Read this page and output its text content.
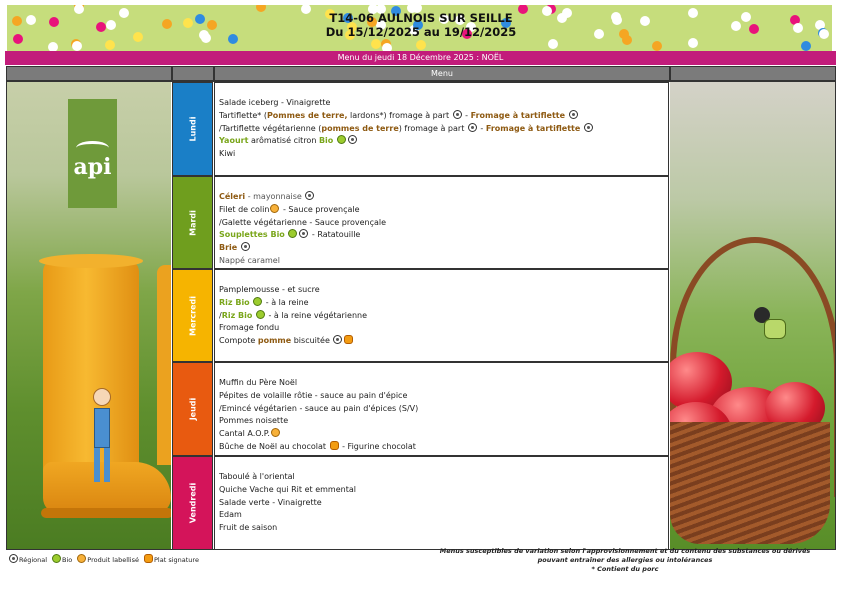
T14-06 AULNOIS SUR SEILLE
Du 15/12/2025 au 19/12/2025
Menu du jeudi 18 Décembre 2025 : NOËL
Menu
api
Lundi
Salade iceberg - Vinaigrette
Tartiflette* (Pommes de terre, lardons*) fromage à part  - Fromage à tartiflette
/Tartiflette végétarienne (pommes de terre) fromage à part  - Fromage à tartiflette
Yaourt arômatisé citron Bio
Kiwi
Mardi
Céleri - mayonnaise
Filet de colin - Sauce provençale
/Galette végétarienne - Sauce provençale
Souplettes Bio	- Ratatouille
Brie
Nappé caramel
Mercredi
Pamplemousse - et sucre
Riz Bio  - à la reine
/Riz Bio  - à la reine végétarienne
Fromage fondu
Compote pomme biscuitée
Jeudi
Muffin du Père Noël
Pépites de volaille rôtie - sauce au pain d'épice
/Emincé végétarien - sauce au pain d'épices (S/V)
Pommes noisette
Cantal A.O.P.
Bûche de Noël au chocolat  - Figurine chocolat
Vendredi
Taboulé à l'oriental
Quiche Vache qui Rit et emmental
Salade verte - Vinaigrette
Edam
Fruit de saison
Régional Bio Produit labellisé Plat signature
Menus susceptibles de variation selon l'approvisionnement et du contenu des substances ou dérivés
pouvant entraîner des allergies ou intolérances
* Contient du porc
